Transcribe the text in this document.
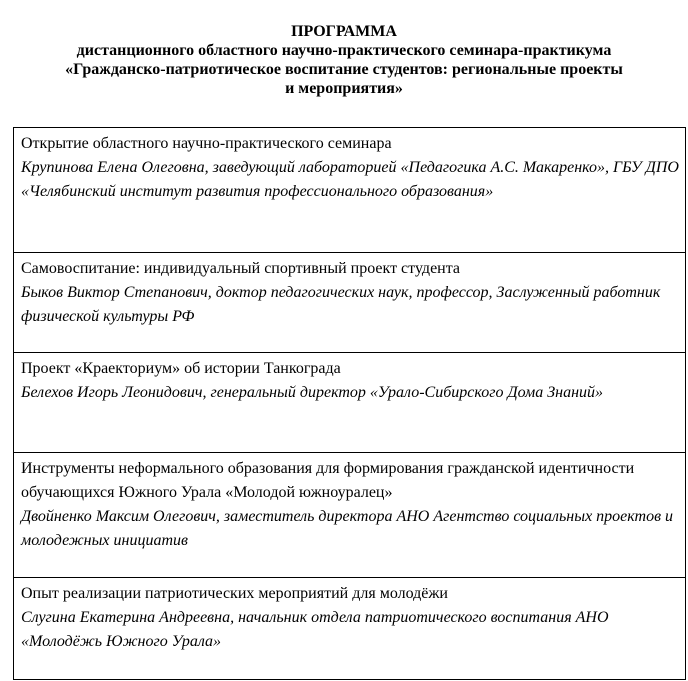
ПРОГРАММА
дистанционного областного научно-практического семинара-практикума
«Гражданско-патриотическое воспитание студентов: региональные проекты
и мероприятия»
Открытие областного научно-практического семинара
Крупинова Елена Олеговна, заведующий лабораторией «Педагогика А.С. Макаренко», ГБУ ДПО «Челябинский институт развития профессионального образования»

Самовоспитание: индивидуальный спортивный проект студента
Быков Виктор Степанович, доктор педагогических наук, профессор, Заслуженный работник физической культуры РФ

Проект «Краекториум» об истории Танкограда
Белехов Игорь Леонидович, генеральный директор «Урало-Сибирского Дома Знаний»

Инструменты неформального образования для формирования гражданской идентичности обучающихся Южного Урала «Молодой южноуралец»
Двойненко Максим Олегович, заместитель директора АНО Агентство социальных проектов и молодежных инициатив

Опыт реализации патриотических мероприятий для молодёжи
Слугина Екатерина Андреевна, начальник отдела патриотического воспитания АНО «Молодёжь Южного Урала»
